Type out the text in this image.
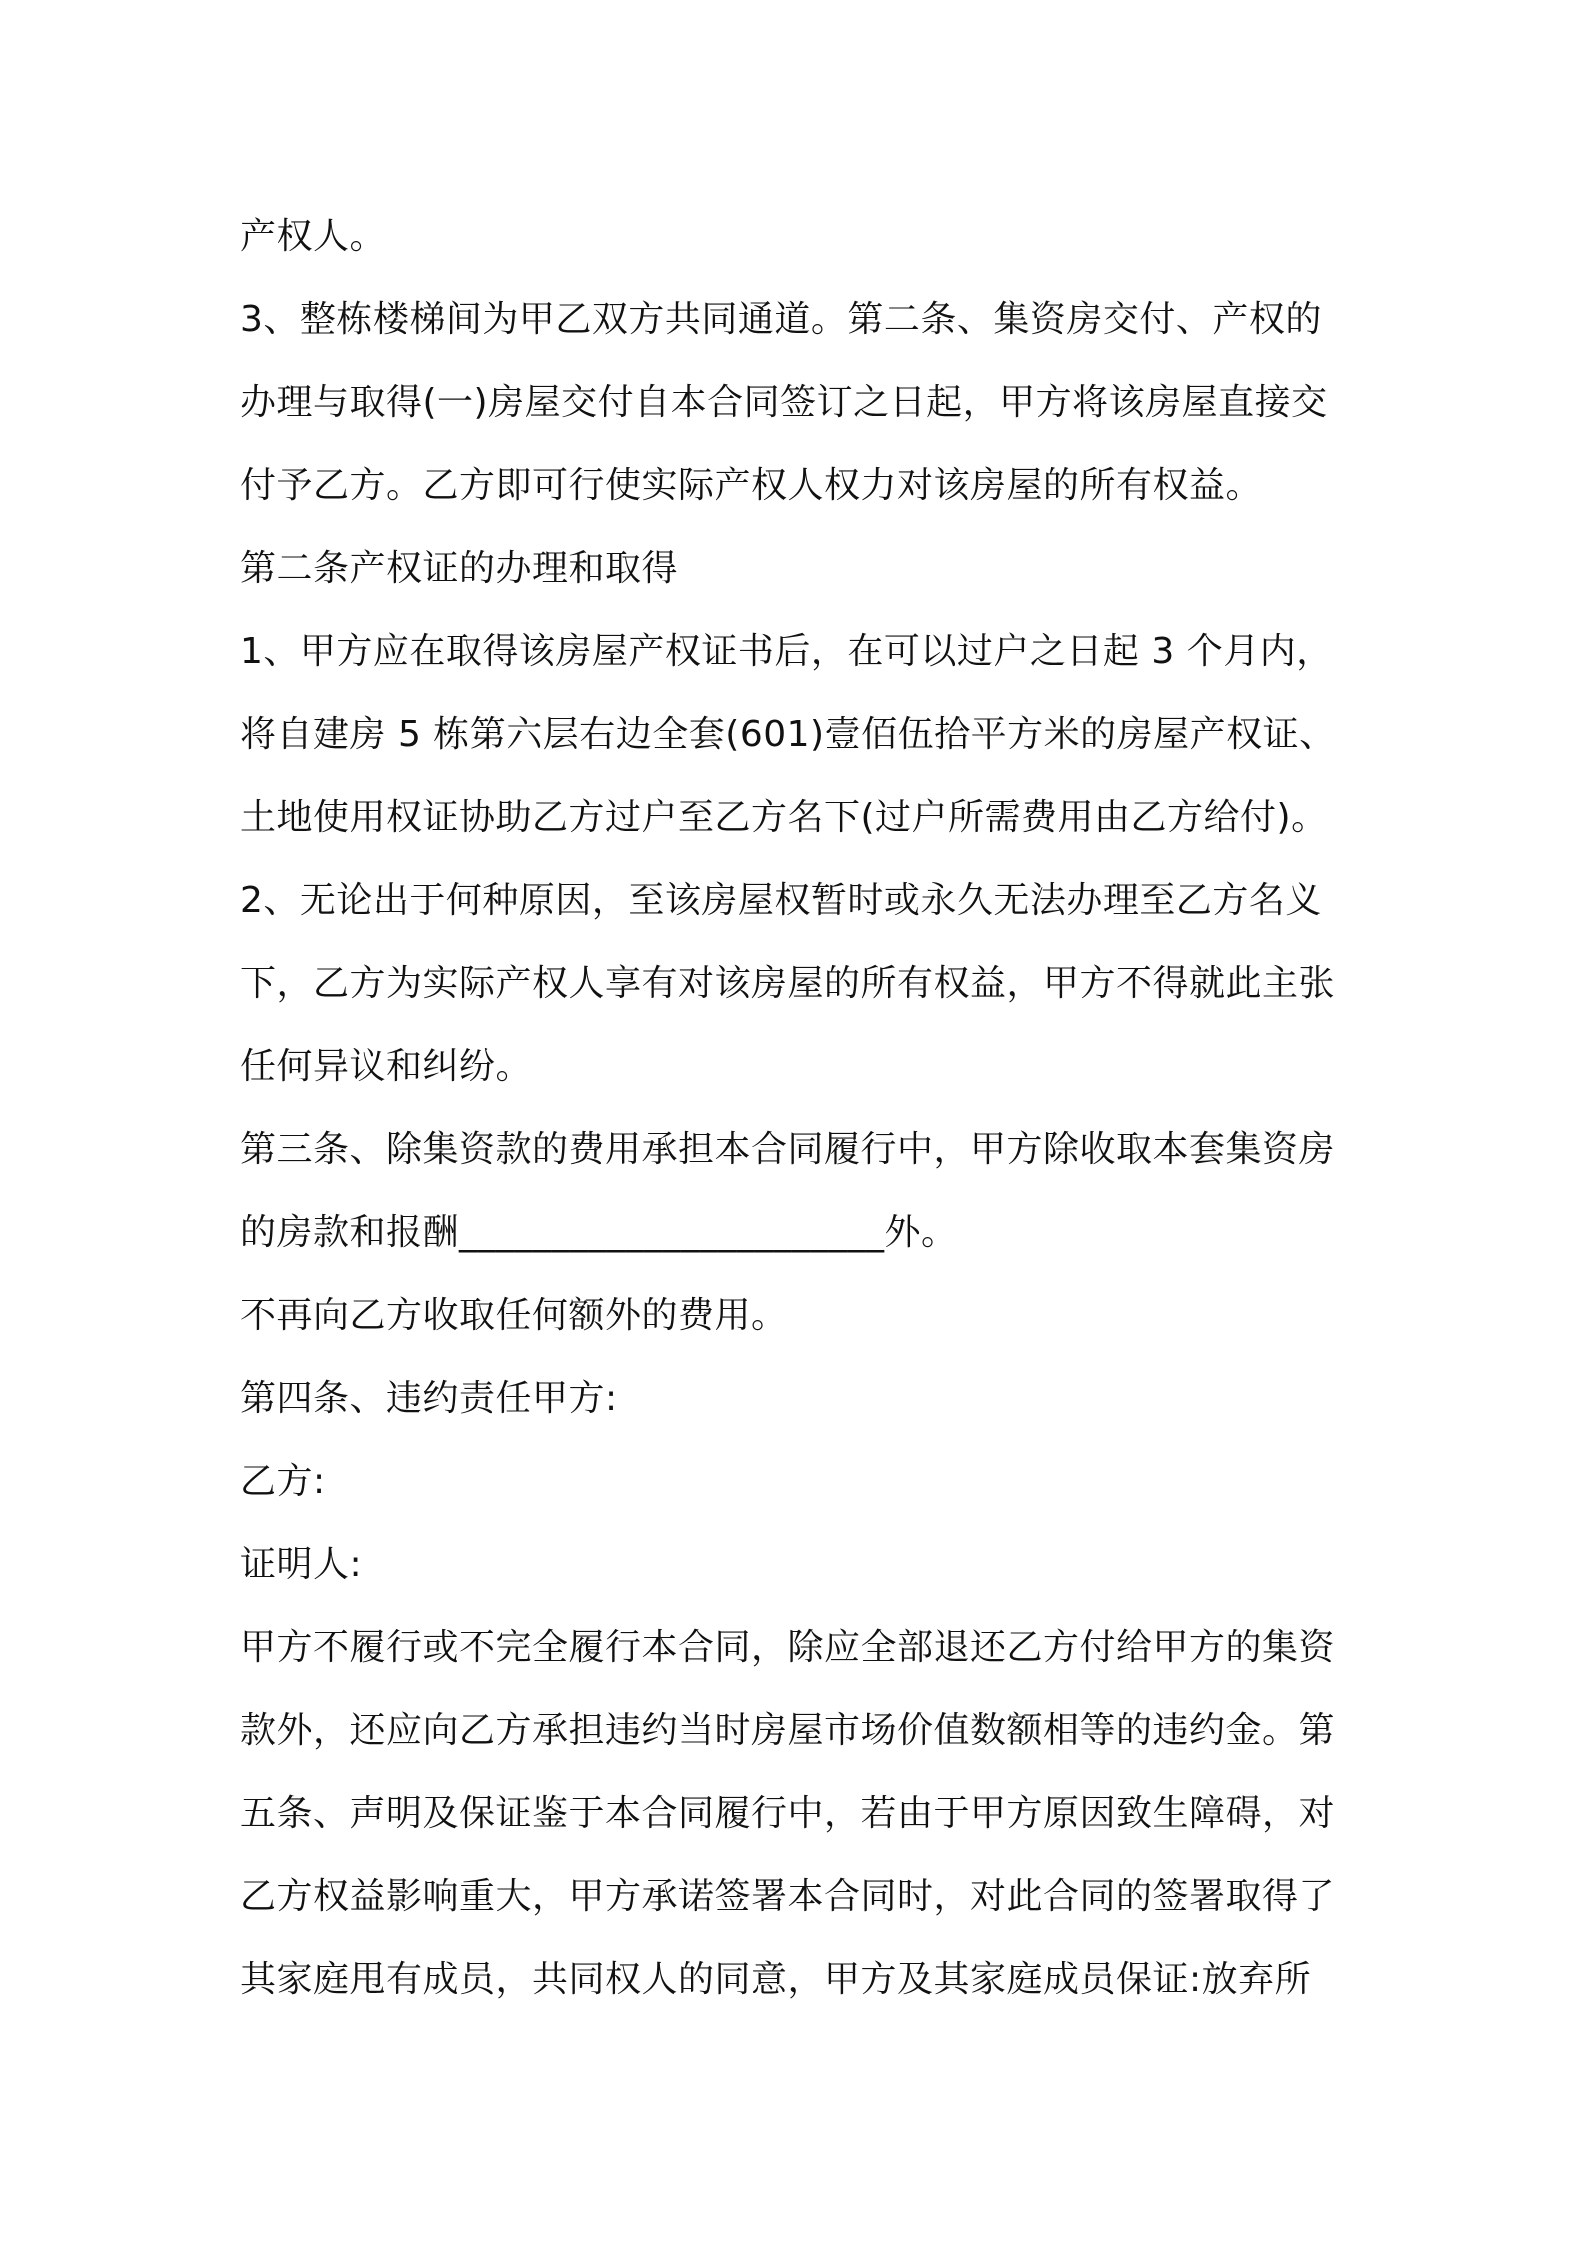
产权人。
3、整栋楼梯间为甲乙双方共同通道。第二条、集资房交付、产权的
办理与取得(一)房屋交付自本合同签订之日起，甲方将该房屋直接交
付予乙方。乙方即可行使实际产权人权力对该房屋的所有权益。
第二条产权证的办理和取得
1、甲方应在取得该房屋产权证书后，在可以过户之日起 3 个月内，
将自建房 5 栋第六层右边全套(601)壹佰伍拾平方米的房屋产权证、
土地使用权证协助乙方过户至乙方名下(过户所需费用由乙方给付)。
2、无论出于何种原因，至该房屋权暂时或永久无法办理至乙方名义
下，乙方为实际产权人享有对该房屋的所有权益，甲方不得就此主张
任何异议和纠纷。
第三条、除集资款的费用承担本合同履行中，甲方除收取本套集资房
的房款和报酬_______________________外。
不再向乙方收取任何额外的费用。
第四条、违约责任甲方:
乙方:
证明人:
甲方不履行或不完全履行本合同，除应全部退还乙方付给甲方的集资
款外，还应向乙方承担违约当时房屋市场价值数额相等的违约金。第
五条、声明及保证鉴于本合同履行中，若由于甲方原因致生障碍，对
乙方权益影响重大，甲方承诺签署本合同时，对此合同的签署取得了
其家庭甩有成员，共同权人的同意，甲方及其家庭成员保证:放弃所
